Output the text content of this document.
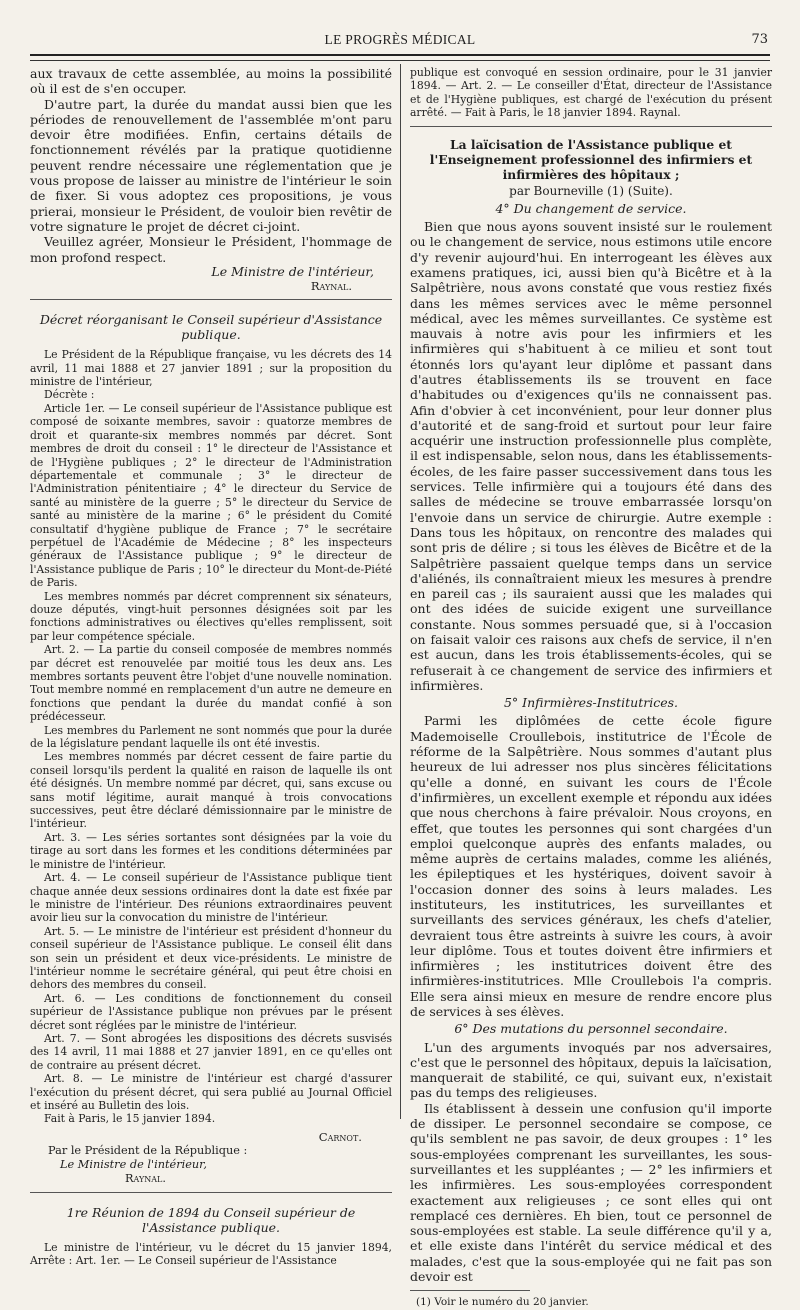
LE PROGRÈS MÉDICAL	73

aux travaux de cette assemblée, au moins la possibilité où il est de s'en occuper.

D'autre part, la durée du mandat aussi bien que les périodes de renouvellement de l'assemblée m'ont paru devoir être modifiées. Enfin, certains détails de fonctionnement révélés par la pratique quotidienne peuvent rendre nécessaire une réglementation que je vous propose de laisser au ministre de l'intérieur le soin de fixer. Si vous adoptez ces propositions, je vous prierai, monsieur le Président, de vouloir bien revêtir de votre signature le projet de décret ci-joint.

Veuillez agréer, Monsieur le Président, l'hommage de mon profond respect.

Le Ministre de l'intérieur,

Raynal.

Décret réorganisant le Conseil supérieur d'Assistance publique.

Le Président de la République française, vu les décrets des 14 avril, 11 mai 1888 et 27 janvier 1891 ; sur la proposition du ministre de l'intérieur,

Décrète :

Article 1er. — Le conseil supérieur de l'Assistance publique est composé de soixante membres, savoir : quatorze membres de droit et quarante-six membres nommés par décret. Sont membres de droit du conseil : 1° le directeur de l'Assistance et de l'Hygiène publiques ; 2° le directeur de l'Administration départementale et communale ; 3° le directeur de l'Administration pénitentiaire ; 4° le directeur du Service de santé au ministère de la guerre ; 5° le directeur du Service de santé au ministère de la marine ; 6° le président du Comité consultatif d'hygiène publique de France ; 7° le secrétaire perpétuel de l'Académie de Médecine ; 8° les inspecteurs généraux de l'Assistance publique ; 9° le directeur de l'Assistance publique de Paris ; 10° le directeur du Mont-de-Piété de Paris.

Les membres nommés par décret comprennent six sénateurs, douze députés, vingt-huit personnes désignées soit par les fonctions administratives ou électives qu'elles remplissent, soit par leur compétence spéciale.

Art. 2. — La partie du conseil composée de membres nommés par décret est renouvelée par moitié tous les deux ans. Les membres sortants peuvent être l'objet d'une nouvelle nomination. Tout membre nommé en remplacement d'un autre ne demeure en fonctions que pendant la durée du mandat confié à son prédécesseur.

Les membres du Parlement ne sont nommés que pour la durée de la législature pendant laquelle ils ont été investis.

Les membres nommés par décret cessent de faire partie du conseil lorsqu'ils perdent la qualité en raison de laquelle ils ont été désignés. Un membre nommé par décret, qui, sans excuse ou sans motif légitime, aurait manqué à trois convocations successives, peut être déclaré démissionnaire par le ministre de l'intérieur.

Art. 3. — Les séries sortantes sont désignées par la voie du tirage au sort dans les formes et les conditions déterminées par le ministre de l'intérieur.

Art. 4. — Le conseil supérieur de l'Assistance publique tient chaque année deux sessions ordinaires dont la date est fixée par le ministre de l'intérieur. Des réunions extraordinaires peuvent avoir lieu sur la convocation du ministre de l'intérieur.

Art. 5. — Le ministre de l'intérieur est président d'honneur du conseil supérieur de l'Assistance publique. Le conseil élit dans son sein un président et deux vice-présidents. Le ministre de l'intérieur nomme le secrétaire général, qui peut être choisi en dehors des membres du conseil.

Art. 6. — Les conditions de fonctionnement du conseil supérieur de l'Assistance publique non prévues par le présent décret sont réglées par le ministre de l'intérieur.

Art. 7. — Sont abrogées les dispositions des décrets susvisés des 14 avril, 11 mai 1888 et 27 janvier 1891, en ce qu'elles ont de contraire au présent décret.

Art. 8. — Le ministre de l'intérieur est chargé d'assurer l'exécution du présent décret, qui sera publié au Journal Officiel et inséré au Bulletin des lois.

Fait à Paris, le 15 janvier 1894.

Carnot.
Par le Président de la République :
Le Ministre de l'intérieur,
Raynal.
1re Réunion de 1894 du Conseil supérieur de l'Assistance publique.

Le ministre de l'intérieur, vu le décret du 15 janvier 1894, Arrête : Art. 1er. — Le Conseil supérieur de l'Assistance

publique est convoqué en session ordinaire, pour le 31 janvier 1894. — Art. 2. — Le conseiller d'État, directeur de l'Assistance et de l'Hygiène publiques, est chargé de l'exécution du présent arrêté. — Fait à Paris, le 18 janvier 1894. Raynal.

La laïcisation de l'Assistance publique et l'Enseignement professionnel des infirmiers et infirmières des hôpitaux ;
par Bourneville (1) (Suite).
4° Du changement de service.

Bien que nous ayons souvent insisté sur le roulement ou le changement de service, nous estimons utile encore d'y revenir aujourd'hui. En interrogeant les élèves aux examens pratiques, ici, aussi bien qu'à Bicêtre et à la Salpêtrière, nous avons constaté que vous restiez fixés dans les mêmes services avec le même personnel médical, avec les mêmes surveillantes. Ce système est mauvais à notre avis pour les infirmiers et les infirmières qui s'habituent à ce milieu et sont tout étonnés lors qu'ayant leur diplôme et passant dans d'autres établissements ils se trouvent en face d'habitudes ou d'exigences qu'ils ne connaissent pas. Afin d'obvier à cet inconvénient, pour leur donner plus d'autorité et de sang-froid et surtout pour leur faire acquérir une instruction professionnelle plus complète, il est indispensable, selon nous, dans les établissements-écoles, de les faire passer successivement dans tous les services. Telle infirmière qui a toujours été dans des salles de médecine se trouve embarrassée lorsqu'on l'envoie dans un service de chirurgie. Autre exemple : Dans tous les hôpitaux, on rencontre des malades qui sont pris de délire ; si tous les élèves de Bicêtre et de la Salpêtrière passaient quelque temps dans un service d'aliénés, ils connaîtraient mieux les mesures à prendre en pareil cas ; ils sauraient aussi que les malades qui ont des idées de suicide exigent une surveillance constante. Nous sommes persuadé que, si à l'occasion on faisait valoir ces raisons aux chefs de service, il n'en est aucun, dans les trois établissements-écoles, qui se refuserait à ce changement de service des infirmiers et infirmières.

5° Infirmières-Institutrices.

Parmi les diplômées de cette école figure Mademoiselle Croullebois, institutrice de l'École de réforme de la Salpêtrière. Nous sommes d'autant plus heureux de lui adresser nos plus sincères félicitations qu'elle a donné, en suivant les cours de l'École d'infirmières, un excellent exemple et répondu aux idées que nous cherchons à faire prévaloir. Nous croyons, en effet, que toutes les personnes qui sont chargées d'un emploi quelconque auprès des enfants malades, ou même auprès de certains malades, comme les aliénés, les épileptiques et les hystériques, doivent savoir à l'occasion donner des soins à leurs malades. Les instituteurs, les institutrices, les surveillantes et surveillants des services généraux, les chefs d'atelier, devraient tous être astreints à suivre les cours, à avoir leur diplôme. Tous et toutes doivent être infirmiers et infirmières ; les institutrices doivent être des infirmières-institutrices. Mlle Croullebois l'a compris. Elle sera ainsi mieux en mesure de rendre encore plus de services à ses élèves.

6° Des mutations du personnel secondaire.

L'un des arguments invoqués par nos adversaires, c'est que le personnel des hôpitaux, depuis la laïcisation, manquerait de stabilité, ce qui, suivant eux, n'existait pas du temps des religieuses.

Ils établissent à dessein une confusion qu'il importe de dissiper. Le personnel secondaire se compose, ce qu'ils semblent ne pas savoir, de deux groupes : 1° les sous-employées comprenant les surveillantes, les sous-surveillantes et les suppléantes ; — 2° les infirmiers et les infirmières. Les sous-employées correspondent exactement aux religieuses ; ce sont elles qui ont remplacé ces dernières. Eh bien, tout ce personnel de sous-employées est stable. La seule différence qu'il y a, et elle existe dans l'intérêt du service médical et des malades, c'est que la sous-employée qui ne fait pas son devoir est

(1) Voir le numéro du 20 janvier.
